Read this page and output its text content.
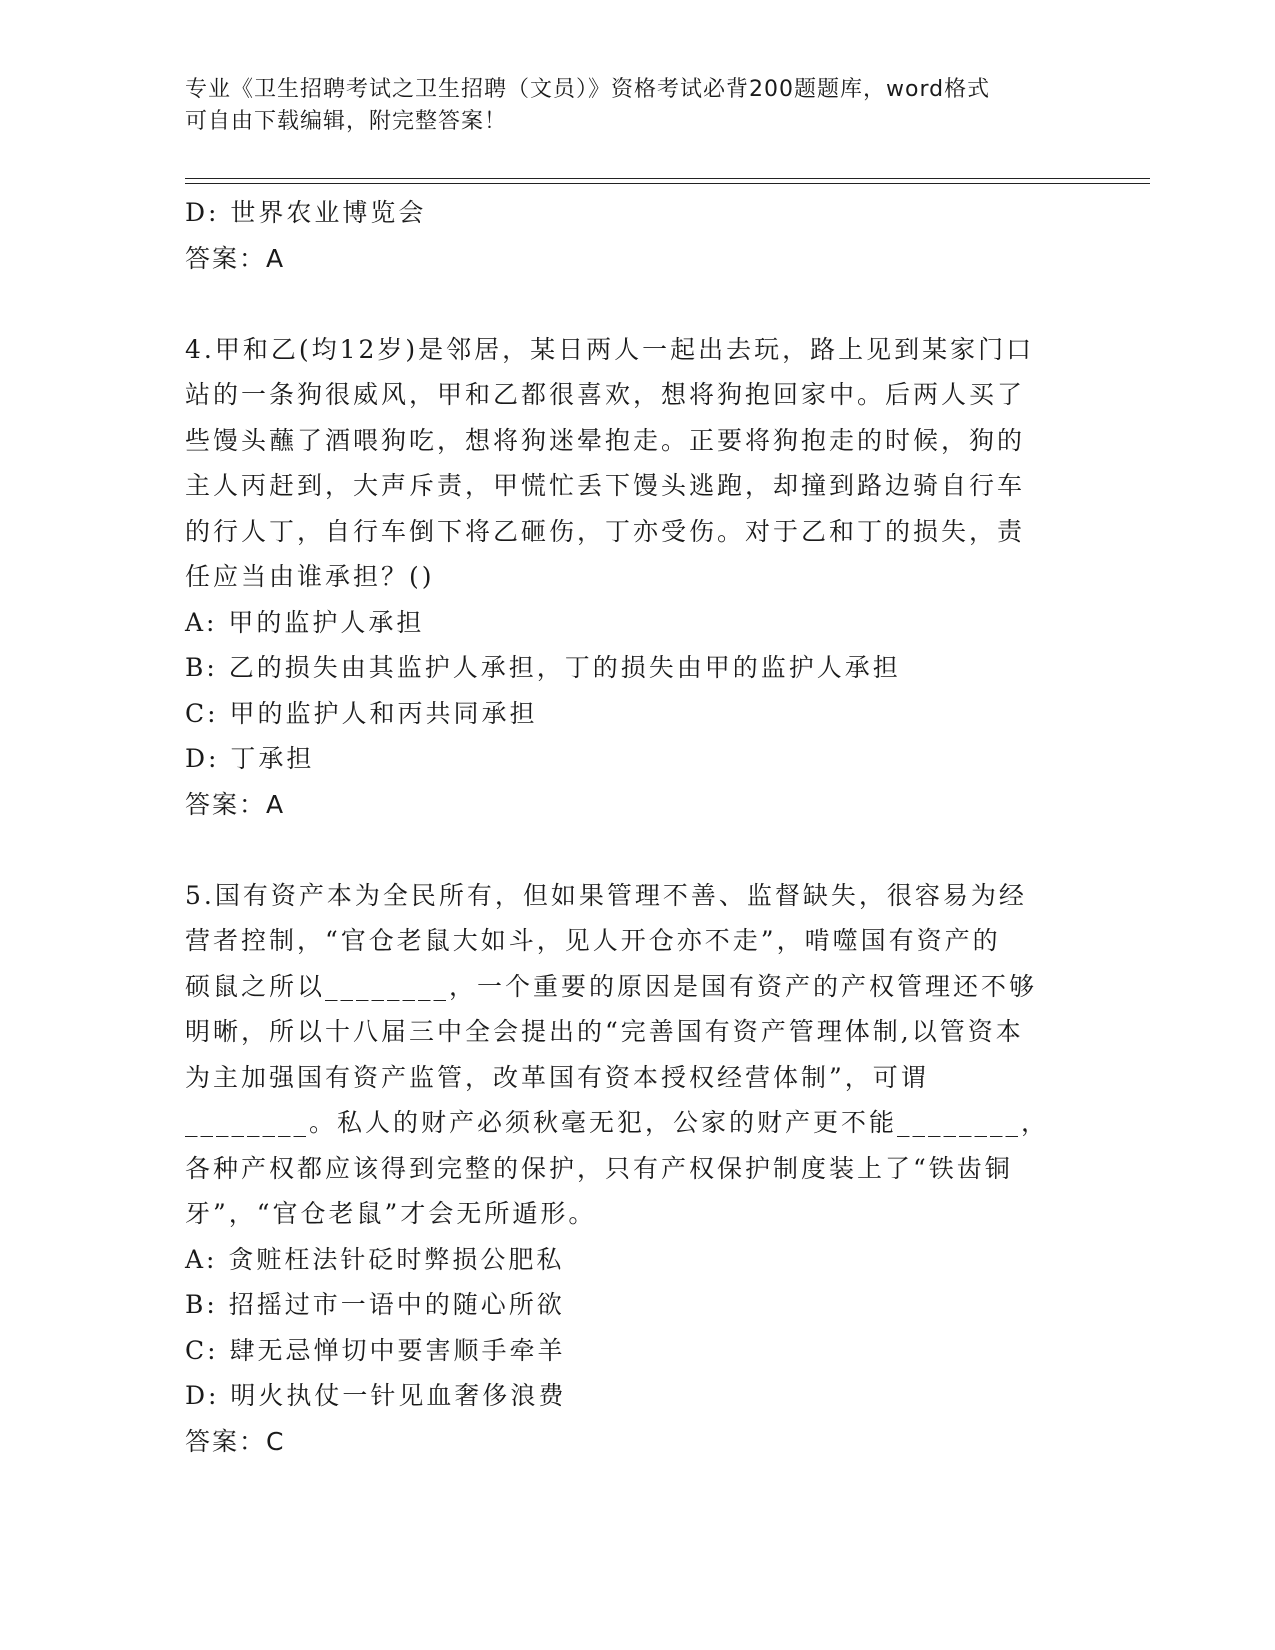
专业《卫生招聘考试之卫生招聘（文员）》资格考试必背200题题库，word格式
可自由下载编辑，附完整答案！
D: 世界农业博览会
答案：A
4.甲和乙(均12岁)是邻居，某日两人一起出去玩，路上见到某家门口
站的一条狗很威风，甲和乙都很喜欢，想将狗抱回家中。后两人买了
些馒头蘸了酒喂狗吃，想将狗迷晕抱走。正要将狗抱走的时候，狗的
主人丙赶到，大声斥责，甲慌忙丢下馒头逃跑，却撞到路边骑自行车
的行人丁，自行车倒下将乙砸伤，丁亦受伤。对于乙和丁的损失，责
任应当由谁承担？()
A: 甲的监护人承担
B: 乙的损失由其监护人承担，丁的损失由甲的监护人承担
C: 甲的监护人和丙共同承担
D: 丁承担
答案：A
5.国有资产本为全民所有，但如果管理不善、监督缺失，很容易为经
营者控制，“官仓老鼠大如斗，见人开仓亦不走”，啃噬国有资产的
硕鼠之所以________，一个重要的原因是国有资产的产权管理还不够
明晰，所以十八届三中全会提出的“完善国有资产管理体制,以管资本
为主加强国有资产监管，改革国有资本授权经营体制”，可谓
________。私人的财产必须秋毫无犯，公家的财产更不能________，
各种产权都应该得到完整的保护，只有产权保护制度装上了“铁齿铜
牙”，“官仓老鼠”才会无所遁形。
A: 贪赃枉法针砭时弊损公肥私
B: 招摇过市一语中的随心所欲
C: 肆无忌惮切中要害顺手牵羊
D: 明火执仗一针见血奢侈浪费
答案：C
